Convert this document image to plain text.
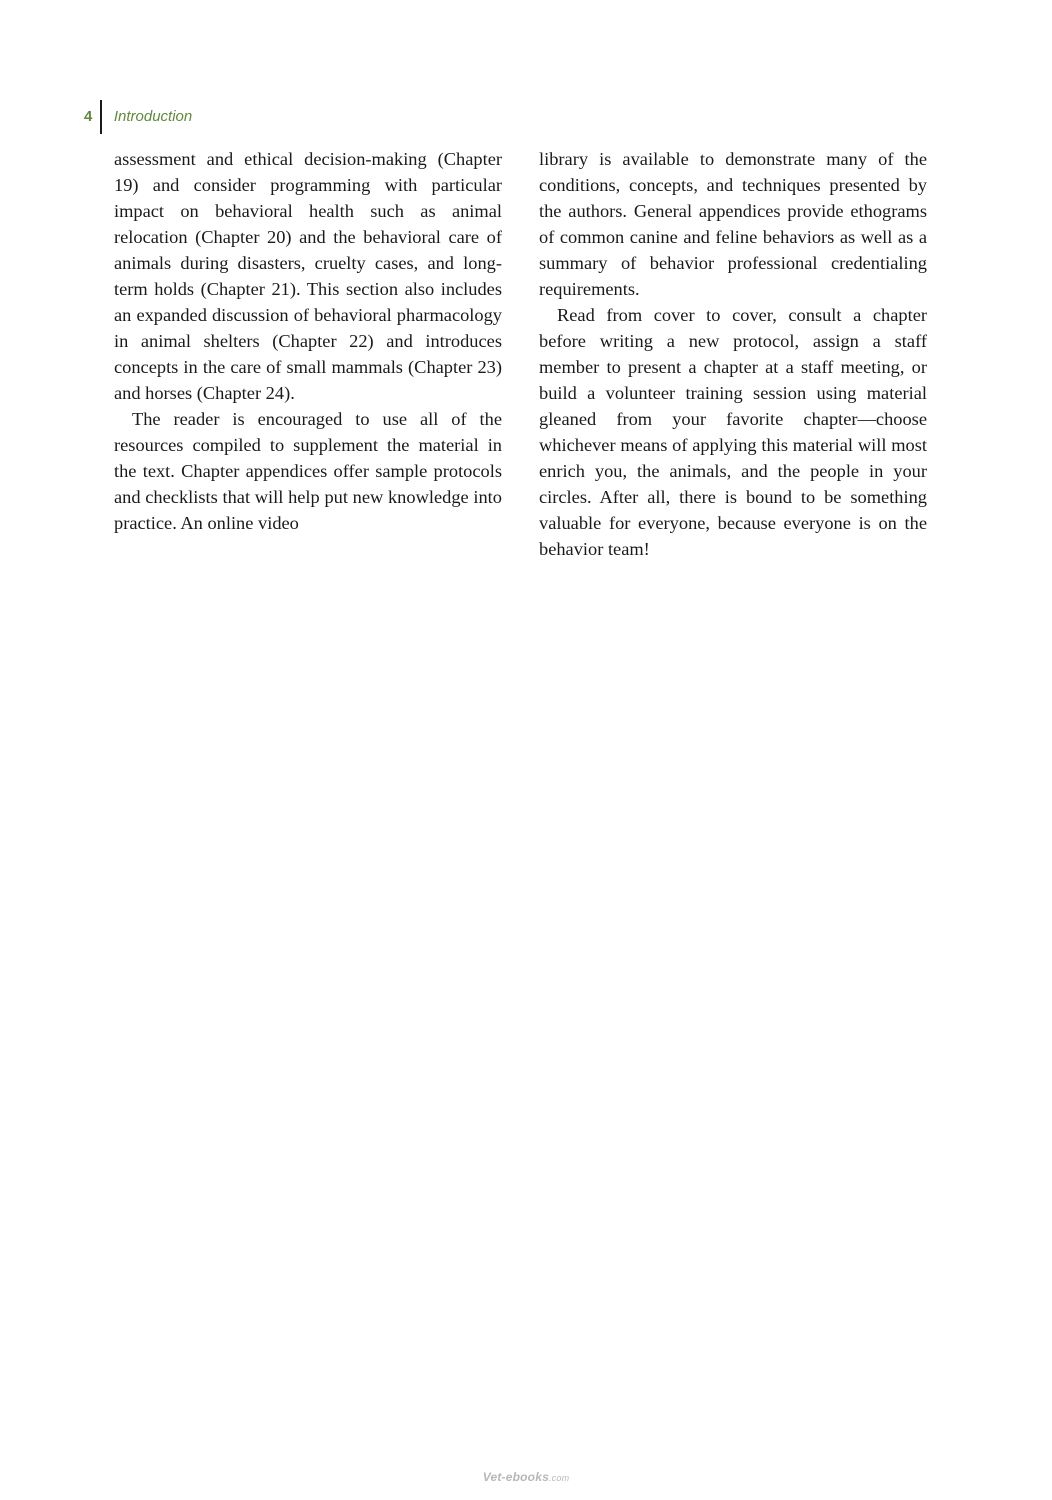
4 Introduction

assessment and ethical decision-making (Chapter 19) and consider programming with particular impact on behavioral health such as animal relocation (Chapter 20) and the behavioral care of animals during disasters, cruelty cases, and long-term holds (Chapter 21). This section also includes an expanded discussion of behavioral pharmacology in animal shelters (Chapter 22) and introduces concepts in the care of small mammals (Chapter 23) and horses (Chapter 24).

The reader is encouraged to use all of the resources compiled to supplement the material in the text. Chapter appendices offer sample protocols and checklists that will help put new knowledge into practice. An online video

library is available to demonstrate many of the conditions, concepts, and techniques presented by the authors. General appendices provide ethograms of common canine and feline behaviors as well as a summary of behavior professional credentialing requirements.

Read from cover to cover, consult a chapter before writing a new protocol, assign a staff member to present a chapter at a staff meeting, or build a volunteer training session using material gleaned from your favorite chapter—choose whichever means of applying this material will most enrich you, the animals, and the people in your circles. After all, there is bound to be something valuable for everyone, because everyone is on the behavior team!

Vet-ebooks.com
